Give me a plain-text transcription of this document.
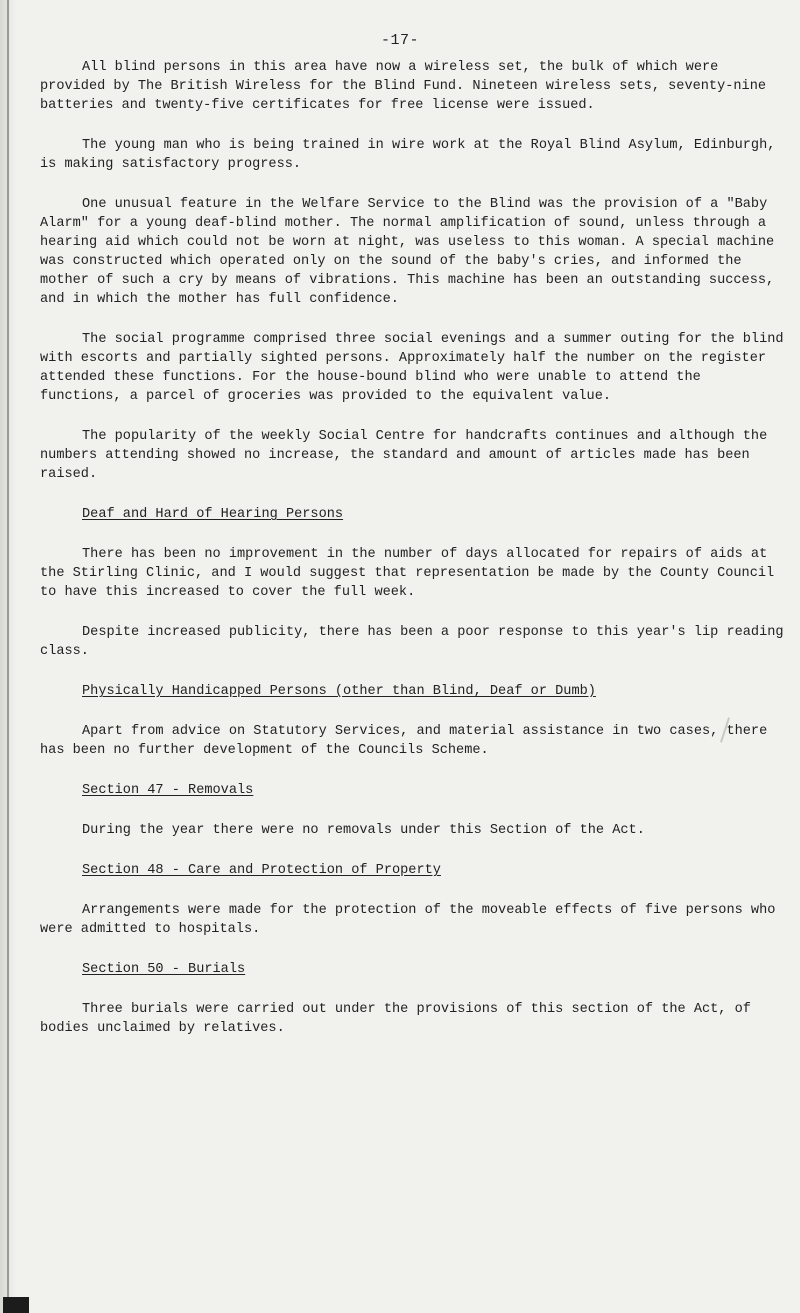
-17-

All blind persons in this area have now a wireless set, the bulk of which were provided by The British Wireless for the Blind Fund. Nineteen wireless sets, seventy-nine batteries and twenty-five certificates for free license were issued.

The young man who is being trained in wire work at the Royal Blind Asylum, Edinburgh, is making satisfactory progress.

One unusual feature in the Welfare Service to the Blind was the provision of a "Baby Alarm" for a young deaf-blind mother. The normal amplification of sound, unless through a hearing aid which could not be worn at night, was useless to this woman. A special machine was constructed which operated only on the sound of the baby's cries, and informed the mother of such a cry by means of vibrations. This machine has been an outstanding success, and in which the mother has full confidence.

The social programme comprised three social evenings and a summer outing for the blind with escorts and partially sighted persons. Approximately half the number on the register attended these functions. For the house-bound blind who were unable to attend the functions, a parcel of groceries was provided to the equivalent value.

The popularity of the weekly Social Centre for handcrafts continues and although the numbers attending showed no increase, the standard and amount of articles made has been raised.

Deaf and Hard of Hearing Persons

There has been no improvement in the number of days allocated for repairs of aids at the Stirling Clinic, and I would suggest that representation be made by the County Council to have this increased to cover the full week.

Despite increased publicity, there has been a poor response to this year's lip reading class.

Physically Handicapped Persons (other than Blind, Deaf or Dumb)

Apart from advice on Statutory Services, and material assistance in two cases, there has been no further development of the Councils Scheme.

Section 47 - Removals

During the year there were no removals under this Section of the Act.

Section 48 - Care and Protection of Property

Arrangements were made for the protection of the moveable effects of five persons who were admitted to hospitals.

Section 50 - Burials

Three burials were carried out under the provisions of this section of the Act, of bodies unclaimed by relatives.
